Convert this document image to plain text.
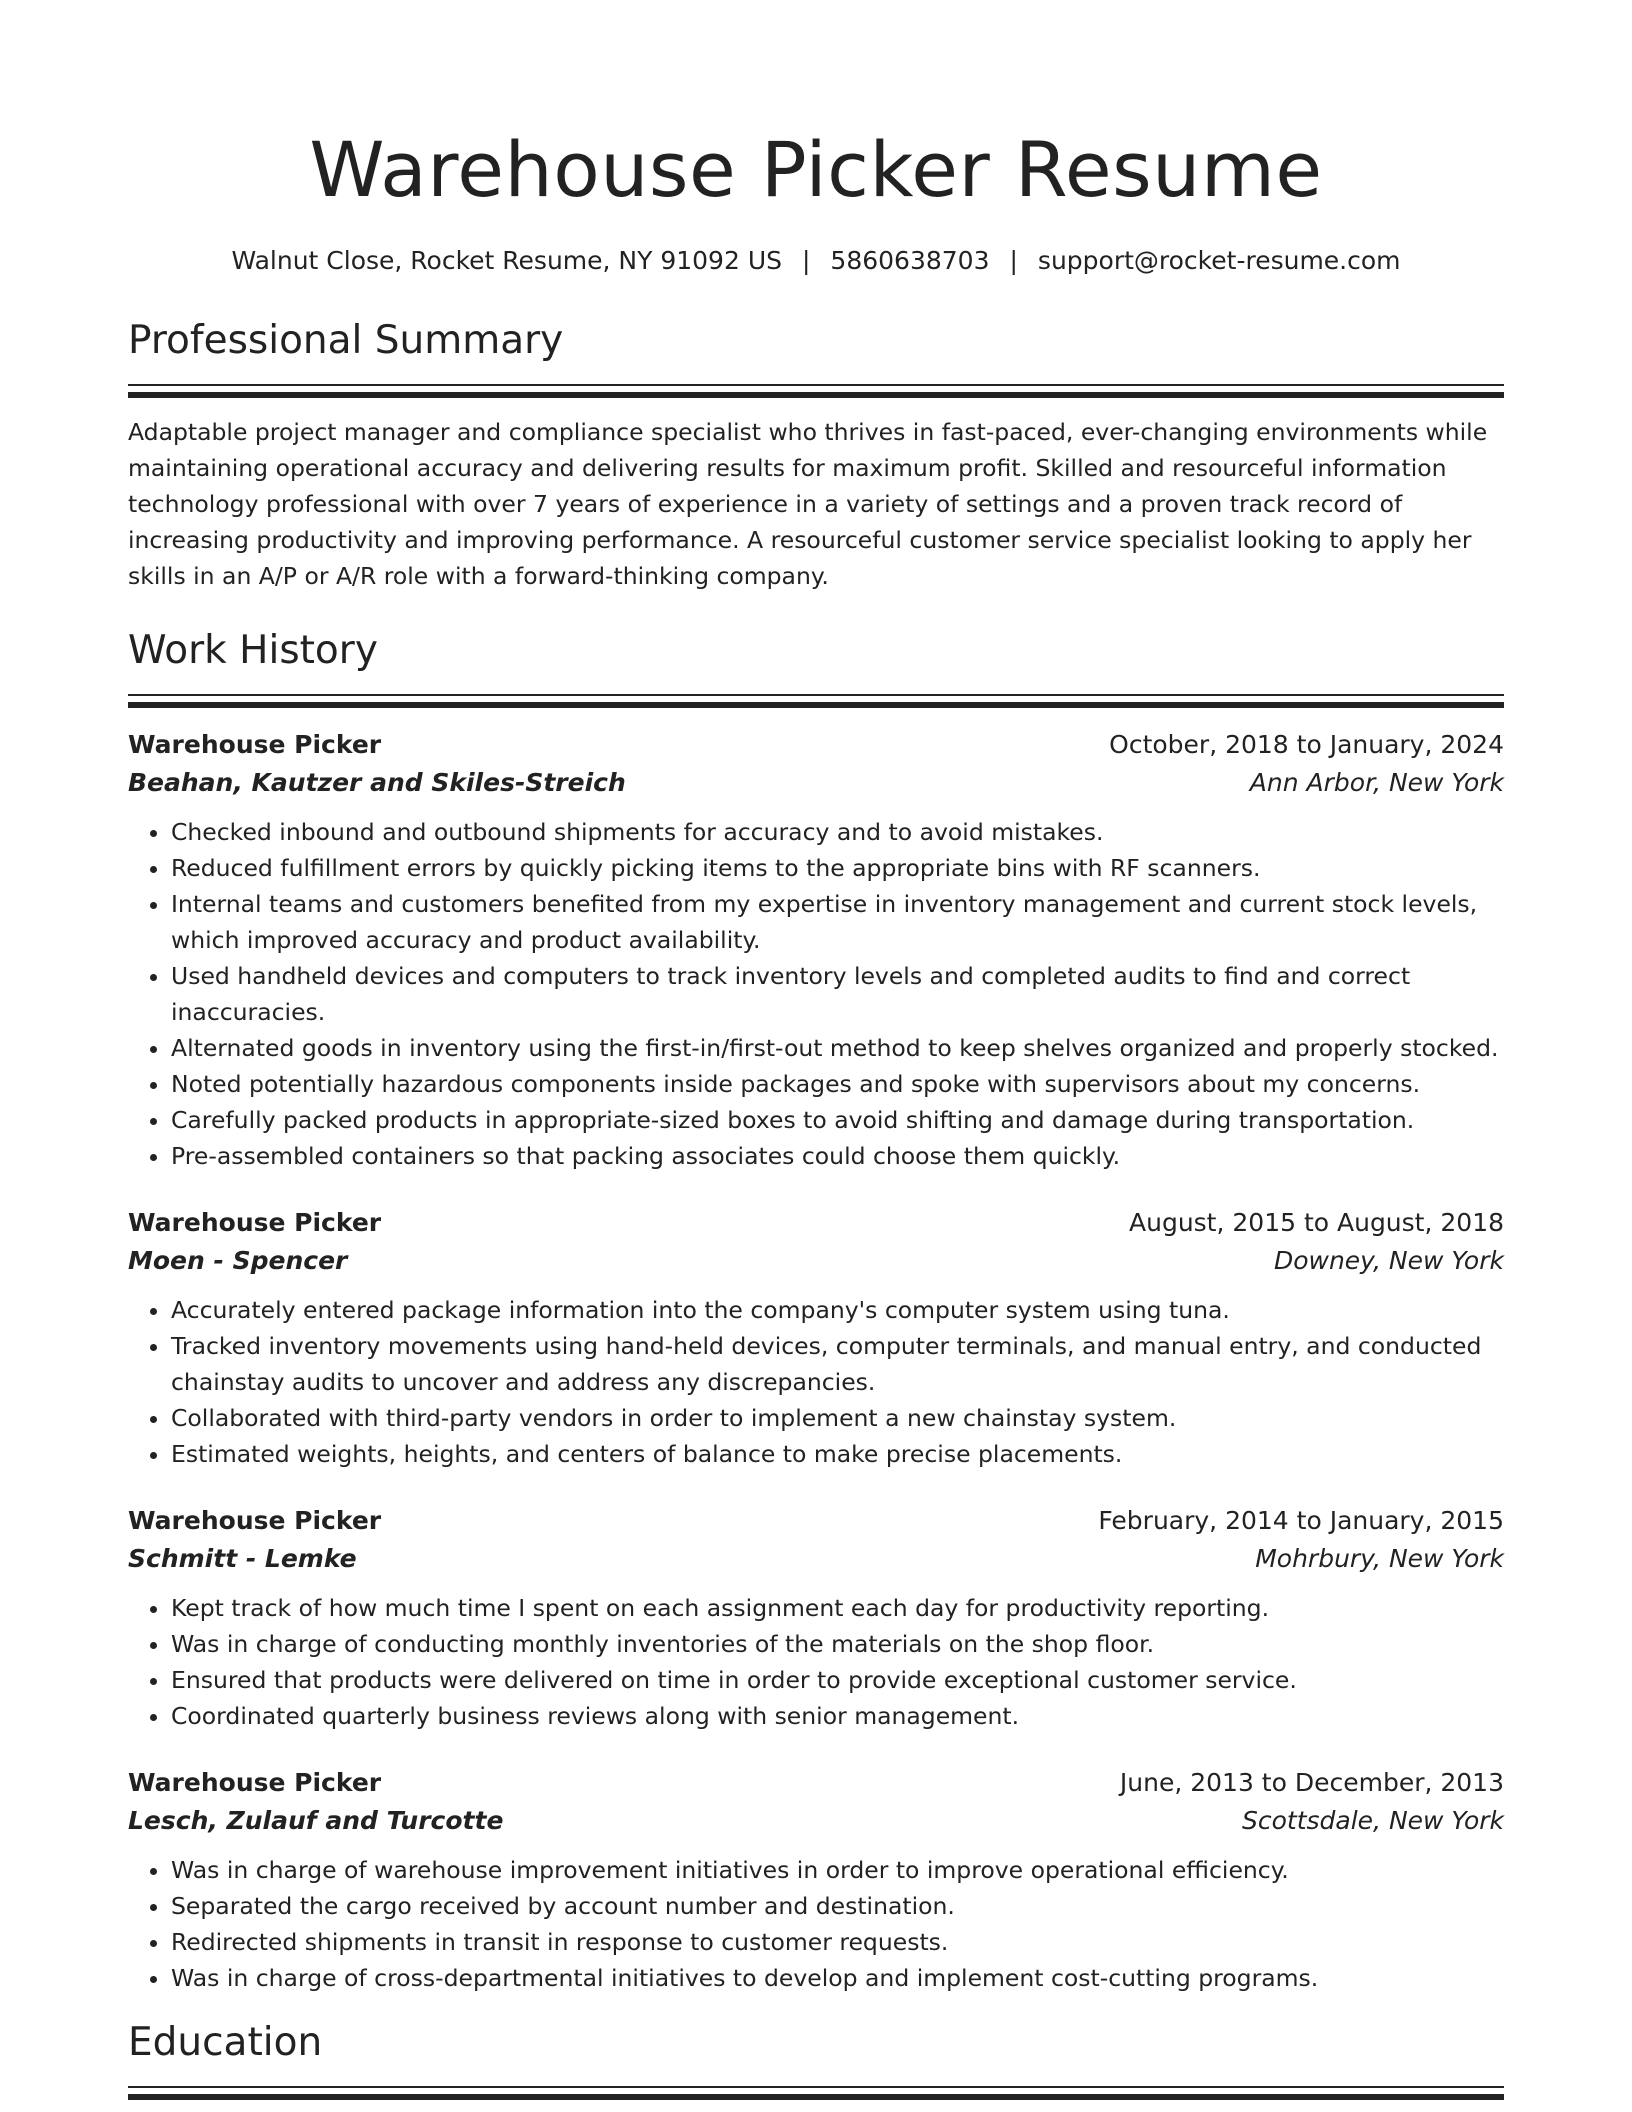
Warehouse Picker Resume
Walnut Close, Rocket Resume, NY 91092 US | 5860638703 | support@rocket-resume.com
Professional Summary
Adaptable project manager and compliance specialist who thrives in fast-paced, ever-changing environments while maintaining operational accuracy and delivering results for maximum profit. Skilled and resourceful information technology professional with over 7 years of experience in a variety of settings and a proven track record of increasing productivity and improving performance. A resourceful customer service specialist looking to apply her skills in an A/P or A/R role with a forward-thinking company.
Work History
Warehouse Picker	October, 2018 to January, 2024
Beahan, Kautzer and Skiles-Streich	Ann Arbor, New York
• Checked inbound and outbound shipments for accuracy and to avoid mistakes.
• Reduced fulfillment errors by quickly picking items to the appropriate bins with RF scanners.
• Internal teams and customers benefited from my expertise in inventory management and current stock levels, which improved accuracy and product availability.
• Used handheld devices and computers to track inventory levels and completed audits to find and correct inaccuracies.
• Alternated goods in inventory using the first-in/first-out method to keep shelves organized and properly stocked.
• Noted potentially hazardous components inside packages and spoke with supervisors about my concerns.
• Carefully packed products in appropriate-sized boxes to avoid shifting and damage during transportation.
• Pre-assembled containers so that packing associates could choose them quickly.
Warehouse Picker	August, 2015 to August, 2018
Moen - Spencer	Downey, New York
• Accurately entered package information into the company's computer system using tuna.
• Tracked inventory movements using hand-held devices, computer terminals, and manual entry, and conducted chainstay audits to uncover and address any discrepancies.
• Collaborated with third-party vendors in order to implement a new chainstay system.
• Estimated weights, heights, and centers of balance to make precise placements.
Warehouse Picker	February, 2014 to January, 2015
Schmitt - Lemke	Mohrbury, New York
• Kept track of how much time I spent on each assignment each day for productivity reporting.
• Was in charge of conducting monthly inventories of the materials on the shop floor.
• Ensured that products were delivered on time in order to provide exceptional customer service.
• Coordinated quarterly business reviews along with senior management.
Warehouse Picker	June, 2013 to December, 2013
Lesch, Zulauf and Turcotte	Scottsdale, New York
• Was in charge of warehouse improvement initiatives in order to improve operational efficiency.
• Separated the cargo received by account number and destination.
• Redirected shipments in transit in response to customer requests.
• Was in charge of cross-departmental initiatives to develop and implement cost-cutting programs.
Education
